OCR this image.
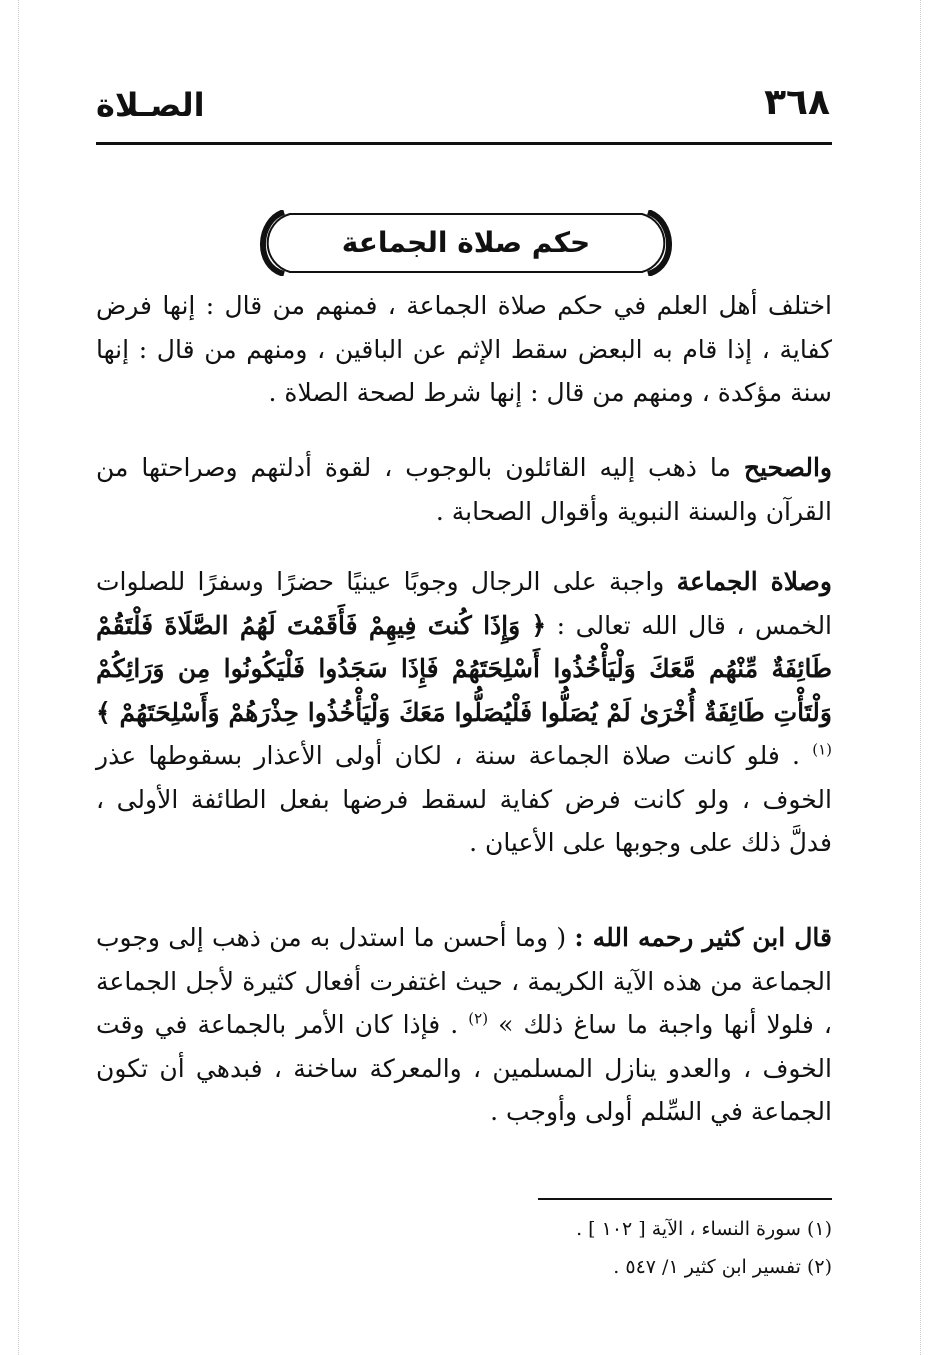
٣٦٨
الصـلاة
حكم صلاة الجماعة

اختلف أهل العلم في حكم صلاة الجماعة ، فمنهم من قال : إنها فرض كفاية ، إذا قام به البعض سقط الإثم عن الباقين ، ومنهم من قال : إنها سنة مؤكدة ، ومنهم من قال : إنها شرط لصحة الصلاة .

والصحيح ما ذهب إليه القائلون بالوجوب ، لقوة أدلتهم وصراحتها من القرآن والسنة النبوية وأقوال الصحابة .

وصلاة الجماعة واجبة على الرجال وجوبًا عينيًا حضرًا وسفرًا للصلوات الخمس ، قال الله تعالى : ﴿ وَإِذَا كُنتَ فِيهِمْ فَأَقَمْتَ لَهُمُ الصَّلَاةَ فَلْتَقُمْ طَائِفَةٌ مِّنْهُم مَّعَكَ وَلْيَأْخُذُوا أَسْلِحَتَهُمْ فَإِذَا سَجَدُوا فَلْيَكُونُوا مِن وَرَائِكُمْ وَلْتَأْتِ طَائِفَةٌ أُخْرَىٰ لَمْ يُصَلُّوا فَلْيُصَلُّوا مَعَكَ وَلْيَأْخُذُوا حِذْرَهُمْ وَأَسْلِحَتَهُمْ ﴾$^{(١)}$ . فلو كانت صلاة الجماعة سنة ، لكان أولى الأعذار بسقوطها عذر الخوف ، ولو كانت فرض كفاية لسقط فرضها بفعل الطائفة الأولى ، فدلَّ ذلك على وجوبها على الأعيان .

قال ابن كثير رحمه الله : ( وما أحسن ما استدل به من ذهب إلى وجوب الجماعة من هذه الآية الكريمة ، حيث اغتفرت أفعال كثيرة لأجل الجماعة ، فلولا أنها واجبة ما ساغ ذلك » $^{(٢)}$ . فإذا كان الأمر بالجماعة في وقت الخوف ، والعدو ينازل المسلمين ، والمعركة ساخنة ، فبدهي أن تكون الجماعة في السِّلم أولى وأوجب .

(١) سورة النساء ، الآية [ ١٠٢ ] .
(٢) تفسير ابن كثير ١/ ٥٤٧ .
